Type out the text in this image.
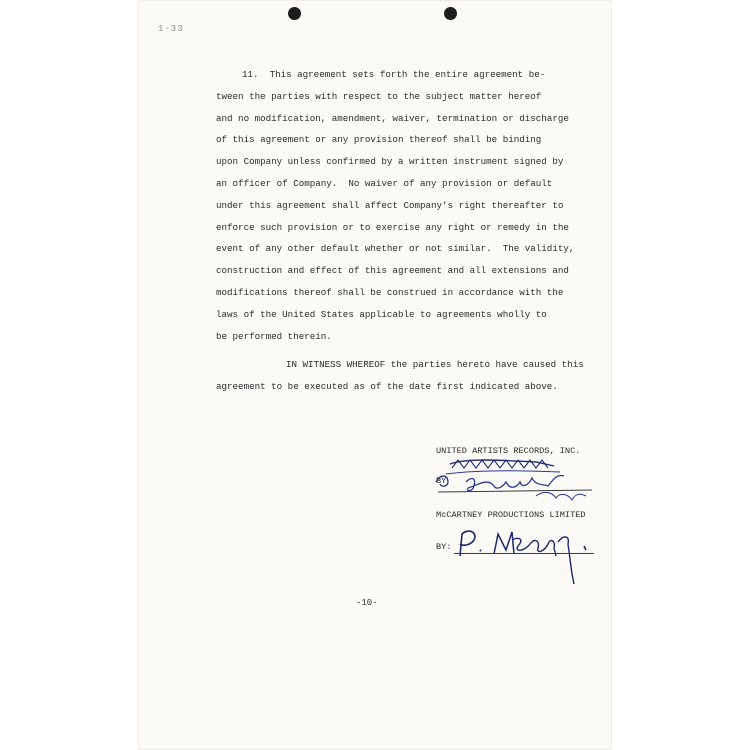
1·33
11.  This agreement sets forth the entire agreement be-
tween the parties with respect to the subject matter hereof
and no modification, amendment, waiver, termination or discharge
of this agreement or any provision thereof shall be binding
upon Company unless confirmed by a written instrument signed by
an officer of Company.  No waiver of any provision or default
under this agreement shall affect Company's right thereafter to
enforce such provision or to exercise any right or remedy in the
event of any other default whether or not similar.  The validity,
construction and effect of this agreement and all extensions and
modifications thereof shall be construed in accordance with the
laws of the United States applicable to agreements wholly to
be performed therein.
IN WITNESS WHEREOF the parties hereto have caused this
agreement to be executed as of the date first indicated above.
UNITED ARTISTS RECORDS, INC.
BY
McCARTNEY PRODUCTIONS LIMITED
BY:
-10-
